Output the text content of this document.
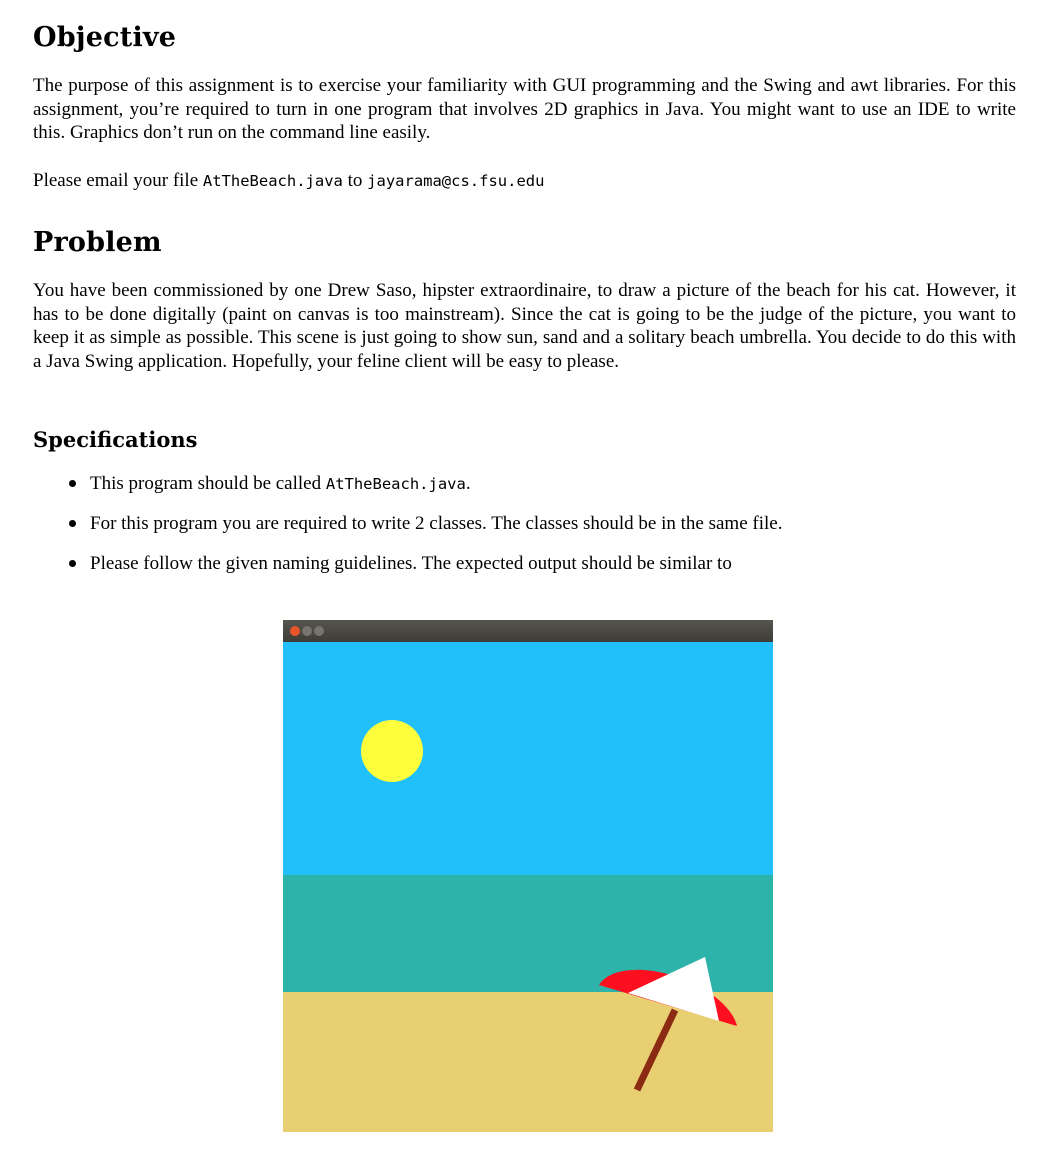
Objective

The purpose of this assignment is to exercise your familiarity with GUI programming and the Swing and awt libraries. For this assignment, you’re required to turn in one program that involves 2D graphics in Java. You might want to use an IDE to write this. Graphics don’t run on the command line easily.

Please email your file AtTheBeach.java to jayarama@cs.fsu.edu

Problem

You have been commissioned by one Drew Saso, hipster extraordinaire, to draw a picture of the beach for his cat. However, it has to be done digitally (paint on canvas is too mainstream). Since the cat is going to be the judge of the picture, you want to keep it as simple as possible. This scene is just going to show sun, sand and a solitary beach umbrella. You decide to do this with a Java Swing application. Hopefully, your feline client will be easy to please.

Specifications

This program should be called AtTheBeach.java.

For this program you are required to write 2 classes. The classes should be in the same file.

Please follow the given naming guidelines. The expected output should be similar to
